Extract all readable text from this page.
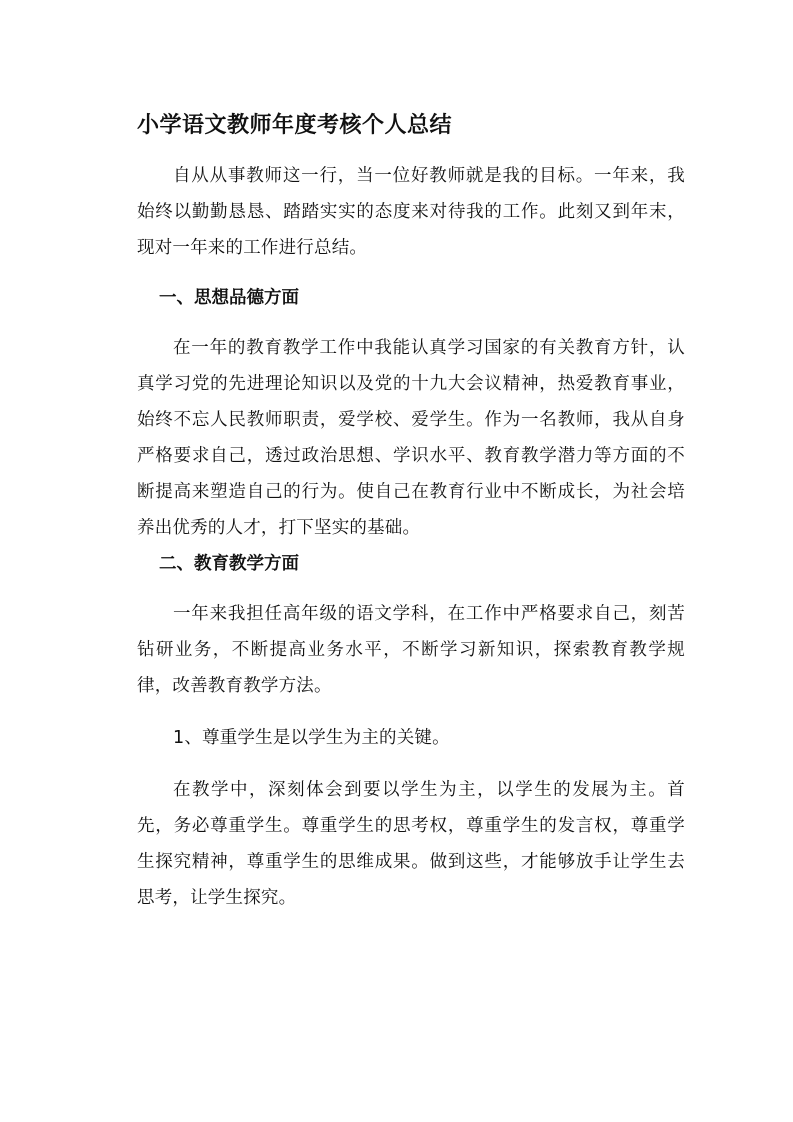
小学语文教师年度考核个人总结

自从从事教师这一行，当一位好教师就是我的目标。一年来，我始终以勤勤恳恳、踏踏实实的态度来对待我的工作。此刻又到年末，现对一年来的工作进行总结。

一、思想品德方面

在一年的教育教学工作中我能认真学习国家的有关教育方针，认真学习党的先进理论知识以及党的十九大会议精神，热爱教育事业，始终不忘人民教师职责，爱学校、爱学生。作为一名教师，我从自身严格要求自己，透过政治思想、学识水平、教育教学潜力等方面的不断提高来塑造自己的行为。使自己在教育行业中不断成长，为社会培养出优秀的人才，打下坚实的基础。

二、教育教学方面

一年来我担任高年级的语文学科，在工作中严格要求自己，刻苦钻研业务，不断提高业务水平，不断学习新知识，探索教育教学规律，改善教育教学方法。

1、尊重学生是以学生为主的关键。

在教学中，深刻体会到要以学生为主，以学生的发展为主。首先，务必尊重学生。尊重学生的思考权，尊重学生的发言权，尊重学生探究精神，尊重学生的思维成果。做到这些，才能够放手让学生去思考，让学生探究。
